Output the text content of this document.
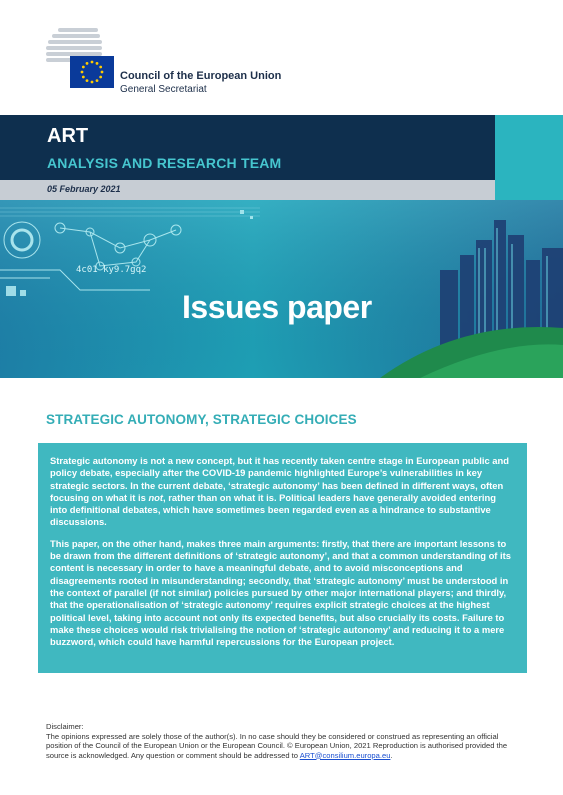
Council of the European Union
General Secretariat
ART
ANALYSIS AND RESEARCH TEAM
05 February 2021
4c01 ky9.7gq2
Issues paper
STRATEGIC AUTONOMY, STRATEGIC CHOICES

Strategic autonomy is not a new concept, but it has recently taken centre stage in European public and policy debate, especially after the COVID-19 pandemic highlighted Europe’s vulnerabilities in key strategic sectors. In the current debate, ‘strategic autonomy’ has been defined in different ways, often focusing on what it is not, rather than on what it is. Political leaders have generally avoided entering into definitional debates, which have sometimes been regarded even as a hindrance to substantive discussions.

This paper, on the other hand, makes three main arguments: firstly, that there are important lessons to be drawn from the different definitions of ‘strategic autonomy’, and that a common understanding of its content is necessary in order to have a meaningful debate, and to avoid misconceptions and disagreements rooted in misunderstanding; secondly, that ‘strategic autonomy’ must be understood in the context of parallel (if not similar) policies pursued by other major international players; and thirdly, that the operationalisation of ‘strategic autonomy’ requires explicit strategic choices at the highest political level, taking into account not only its expected benefits, but also crucially its costs. Failure to make these choices would risk trivialising the notion of ‘strategic autonomy’ and reducing it to a mere buzzword, which could have harmful repercussions for the European project.

Disclaimer:
The opinions expressed are solely those of the author(s). In no case should they be considered or construed as representing an official position of the Council of the European Union or the European Council. © European Union, 2021 Reproduction is authorised provided the source is acknowledged. Any question or comment should be addressed to ART@consilium.europa.eu.
